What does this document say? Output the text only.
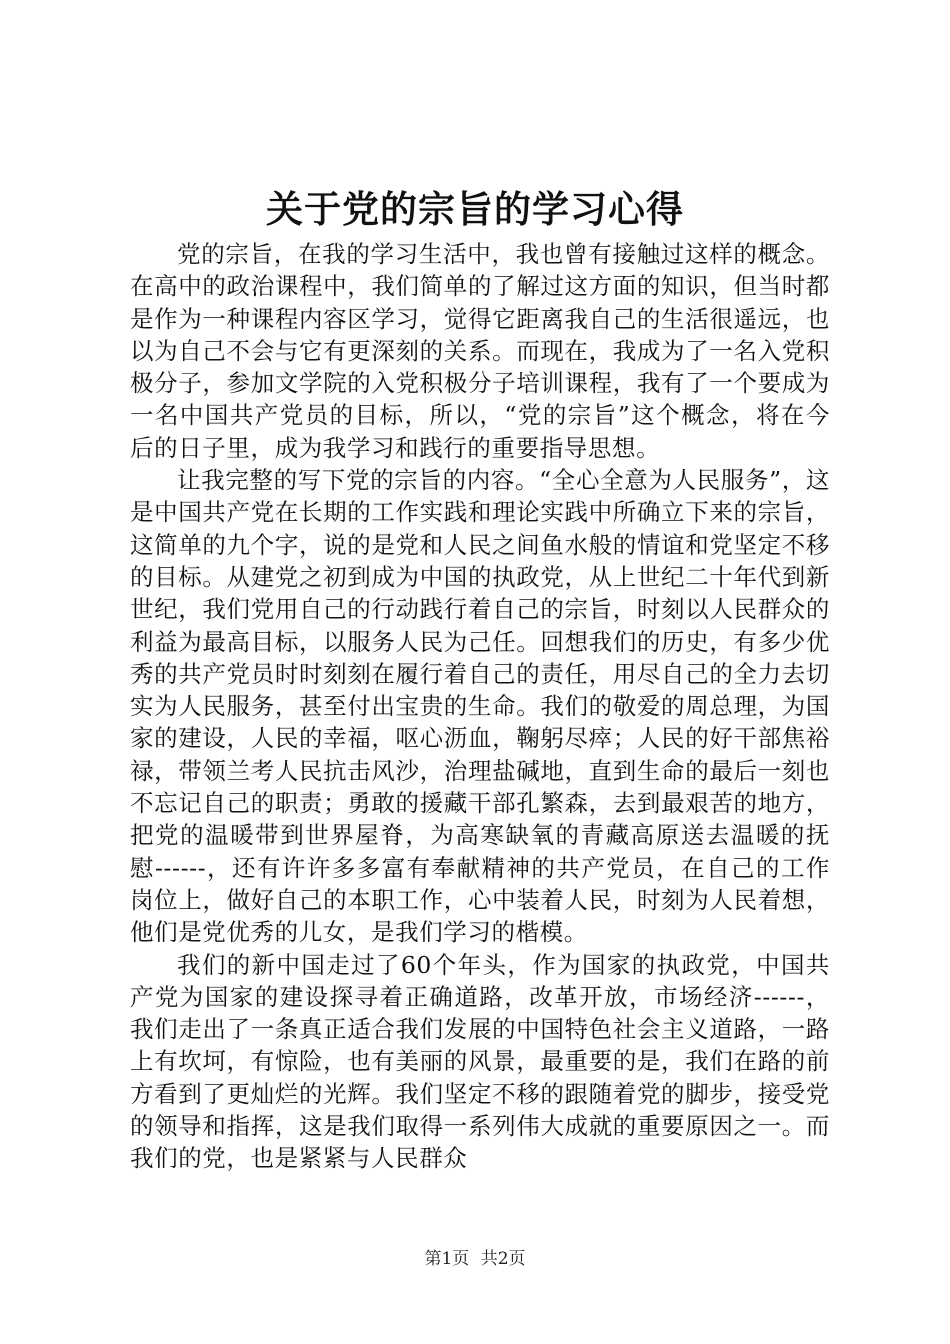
关于党的宗旨的学习心得

党的宗旨，在我的学习生活中，我也曾有接触过这样的概念。在高中的政治课程中，我们简单的了解过这方面的知识，但当时都是作为一种课程内容区学习，觉得它距离我自己的生活很遥远，也以为自己不会与它有更深刻的关系。而现在，我成为了一名入党积极分子，参加文学院的入党积极分子培训课程，我有了一个要成为一名中国共产党员的目标，所以，“党的宗旨”这个概念，将在今后的日子里，成为我学习和践行的重要指导思想。

让我完整的写下党的宗旨的内容。“全心全意为人民服务”，这是中国共产党在长期的工作实践和理论实践中所确立下来的宗旨，这简单的九个字，说的是党和人民之间鱼水般的情谊和党坚定不移的目标。从建党之初到成为中国的执政党，从上世纪二十年代到新世纪，我们党用自己的行动践行着自己的宗旨，时刻以人民群众的利益为最高目标，以服务人民为己任。回想我们的历史，有多少优秀的共产党员时时刻刻在履行着自己的责任，用尽自己的全力去切实为人民服务，甚至付出宝贵的生命。我们的敬爱的周总理，为国家的建设，人民的幸福，呕心沥血，鞠躬尽瘁；人民的好干部焦裕禄，带领兰考人民抗击风沙，治理盐碱地，直到生命的最后一刻也不忘记自己的职责；勇敢的援藏干部孔繁森，去到最艰苦的地方，把党的温暖带到世界屋脊，为高寒缺氧的青藏高原送去温暖的抚慰------，还有许许多多富有奉献精神的共产党员，在自己的工作岗位上，做好自己的本职工作，心中装着人民，时刻为人民着想，他们是党优秀的儿女，是我们学习的楷模。

我们的新中国走过了60个年头，作为国家的执政党，中国共产党为国家的建设探寻着正确道路，改革开放，市场经济------，我们走出了一条真正适合我们发展的中国特色社会主义道路，一路上有坎坷，有惊险，也有美丽的风景，最重要的是，我们在路的前方看到了更灿烂的光辉。我们坚定不移的跟随着党的脚步，接受党的领导和指挥，这是我们取得一系列伟大成就的重要原因之一。而我们的党，也是紧紧与人民群众

第1页 共2页
